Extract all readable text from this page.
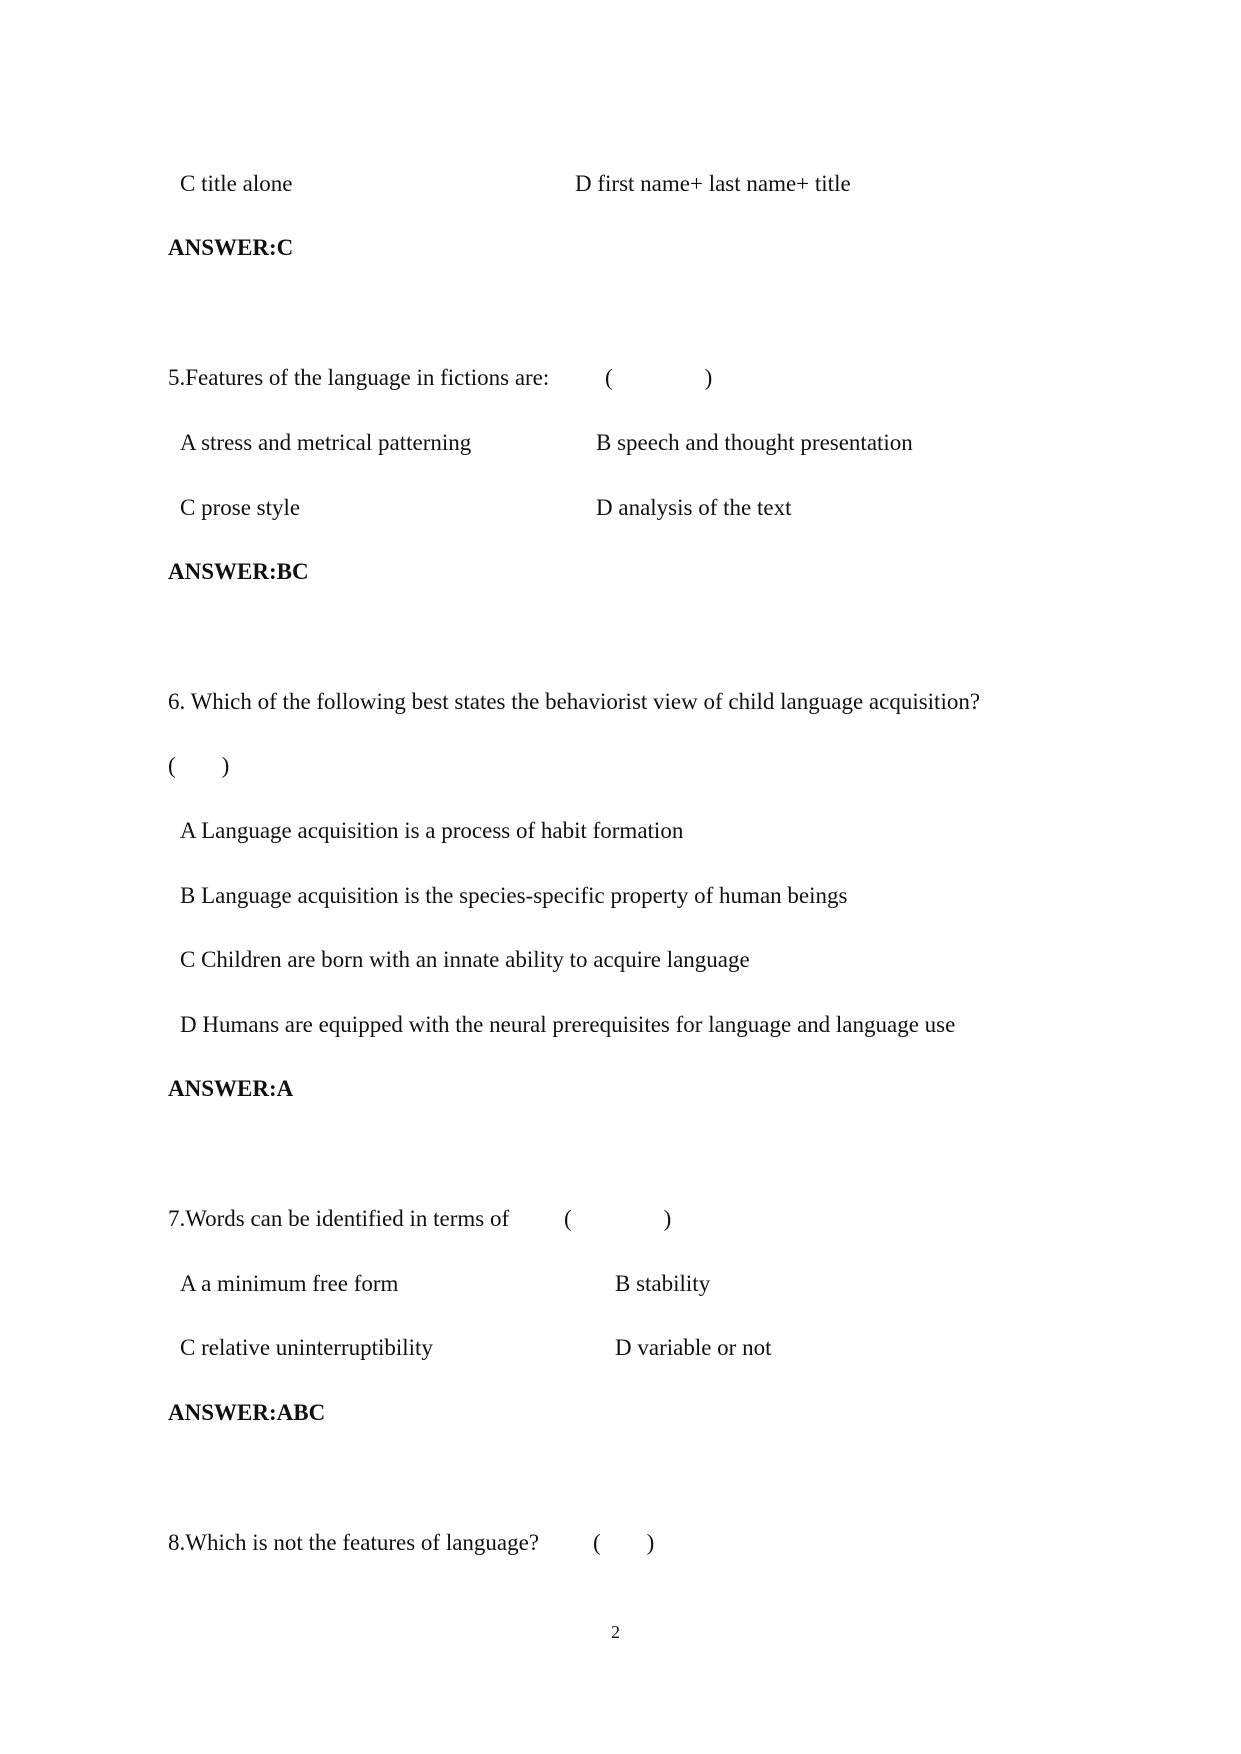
C title alone	D first name+ last name+ title
ANSWER:C
5.Features of the language in fictions are: (　　　　)
A stress and metrical patterning	B speech and thought presentation
C prose style	D analysis of the text
ANSWER:BC
6. Which of the following best states the behaviorist view of child language acquisition?
(　　)
A Language acquisition is a process of habit formation
B Language acquisition is the species-specific property of human beings
C Children are born with an innate ability to acquire language
D Humans are equipped with the neural prerequisites for language and language use
ANSWER:A
7.Words can be identified in terms of (　　　　)
A a minimum free form	B stability
C relative uninterruptibility	D variable or not
ANSWER:ABC
8.Which is not the features of language? (　　)
2
